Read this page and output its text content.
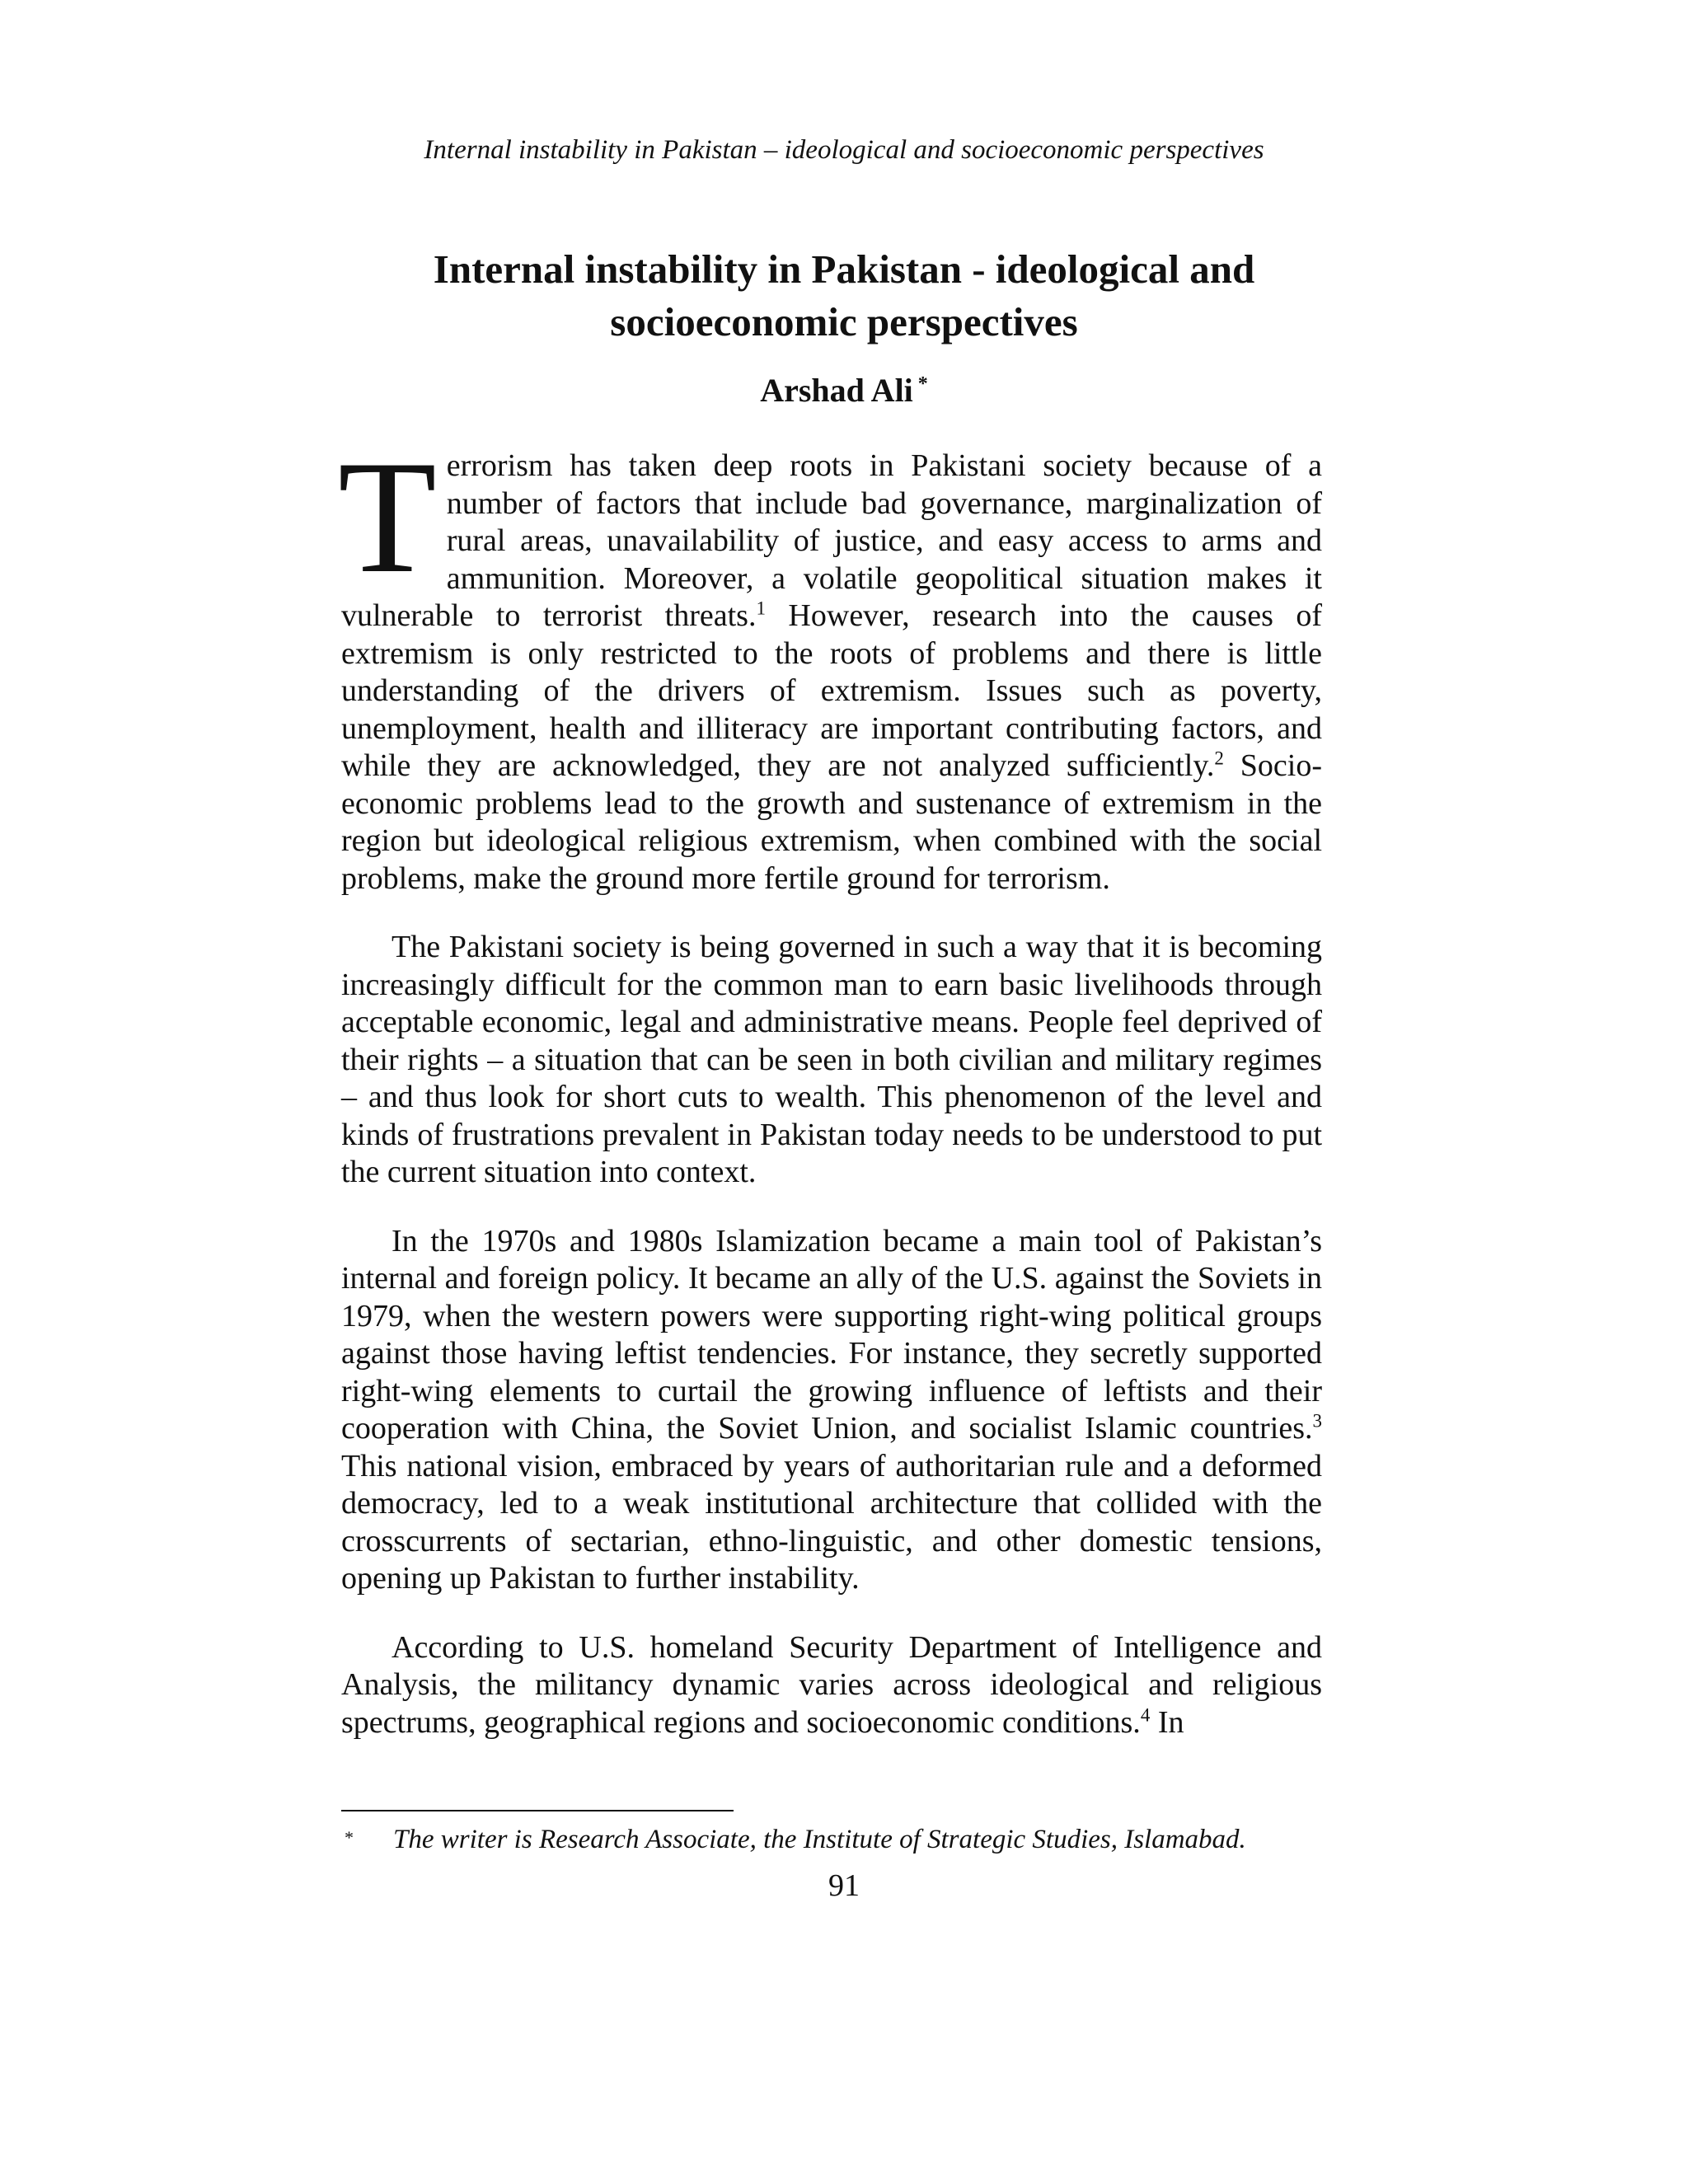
Internal instability in Pakistan – ideological and socioeconomic perspectives
Internal instability in Pakistan - ideological and
socioeconomic perspectives
Arshad Ali *

Terrorism has taken deep roots in Pakistani society because of a number of factors that include bad governance, marginalization of rural areas, unavailability of justice, and easy access to arms and ammunition. Moreover, a volatile geopolitical situation makes it vulnerable to terrorist threats.$^1$ However, research into the causes of extremism is only restricted to the roots of problems and there is little understanding of the drivers of extremism. Issues such as poverty, unemployment, health and illiteracy are important contributing factors, and while they are acknowledged, they are not analyzed sufficiently.$^2$ Socio-economic problems lead to the growth and sustenance of extremism in the region but ideological religious extremism, when combined with the social problems, make the ground more fertile ground for terrorism.

The Pakistani society is being governed in such a way that it is becoming increasingly difficult for the common man to earn basic livelihoods through acceptable economic, legal and administrative means. People feel deprived of their rights – a situation that can be seen in both civilian and military regimes – and thus look for short cuts to wealth. This phenomenon of the level and kinds of frustrations prevalent in Pakistan today needs to be understood to put the current situation into context.

In the 1970s and 1980s Islamization became a main tool of Pakistan’s internal and foreign policy. It became an ally of the U.S. against the Soviets in 1979, when the western powers were supporting right-wing political groups against those having leftist tendencies. For instance, they secretly supported right-wing elements to curtail the growing influence of leftists and their cooperation with China, the Soviet Union, and socialist Islamic countries.$^3$ This national vision, embraced by years of authoritarian rule and a deformed democracy, led to a weak institutional architecture that collided with the crosscurrents of sectarian, ethno-linguistic, and other domestic tensions, opening up Pakistan to further instability.

According to U.S. homeland Security Department of Intelligence and Analysis, the militancy dynamic varies across ideological and religious spectrums, geographical regions and socioeconomic conditions.$^4$ In

* The writer is Research Associate, the Institute of Strategic Studies, Islamabad.
91
